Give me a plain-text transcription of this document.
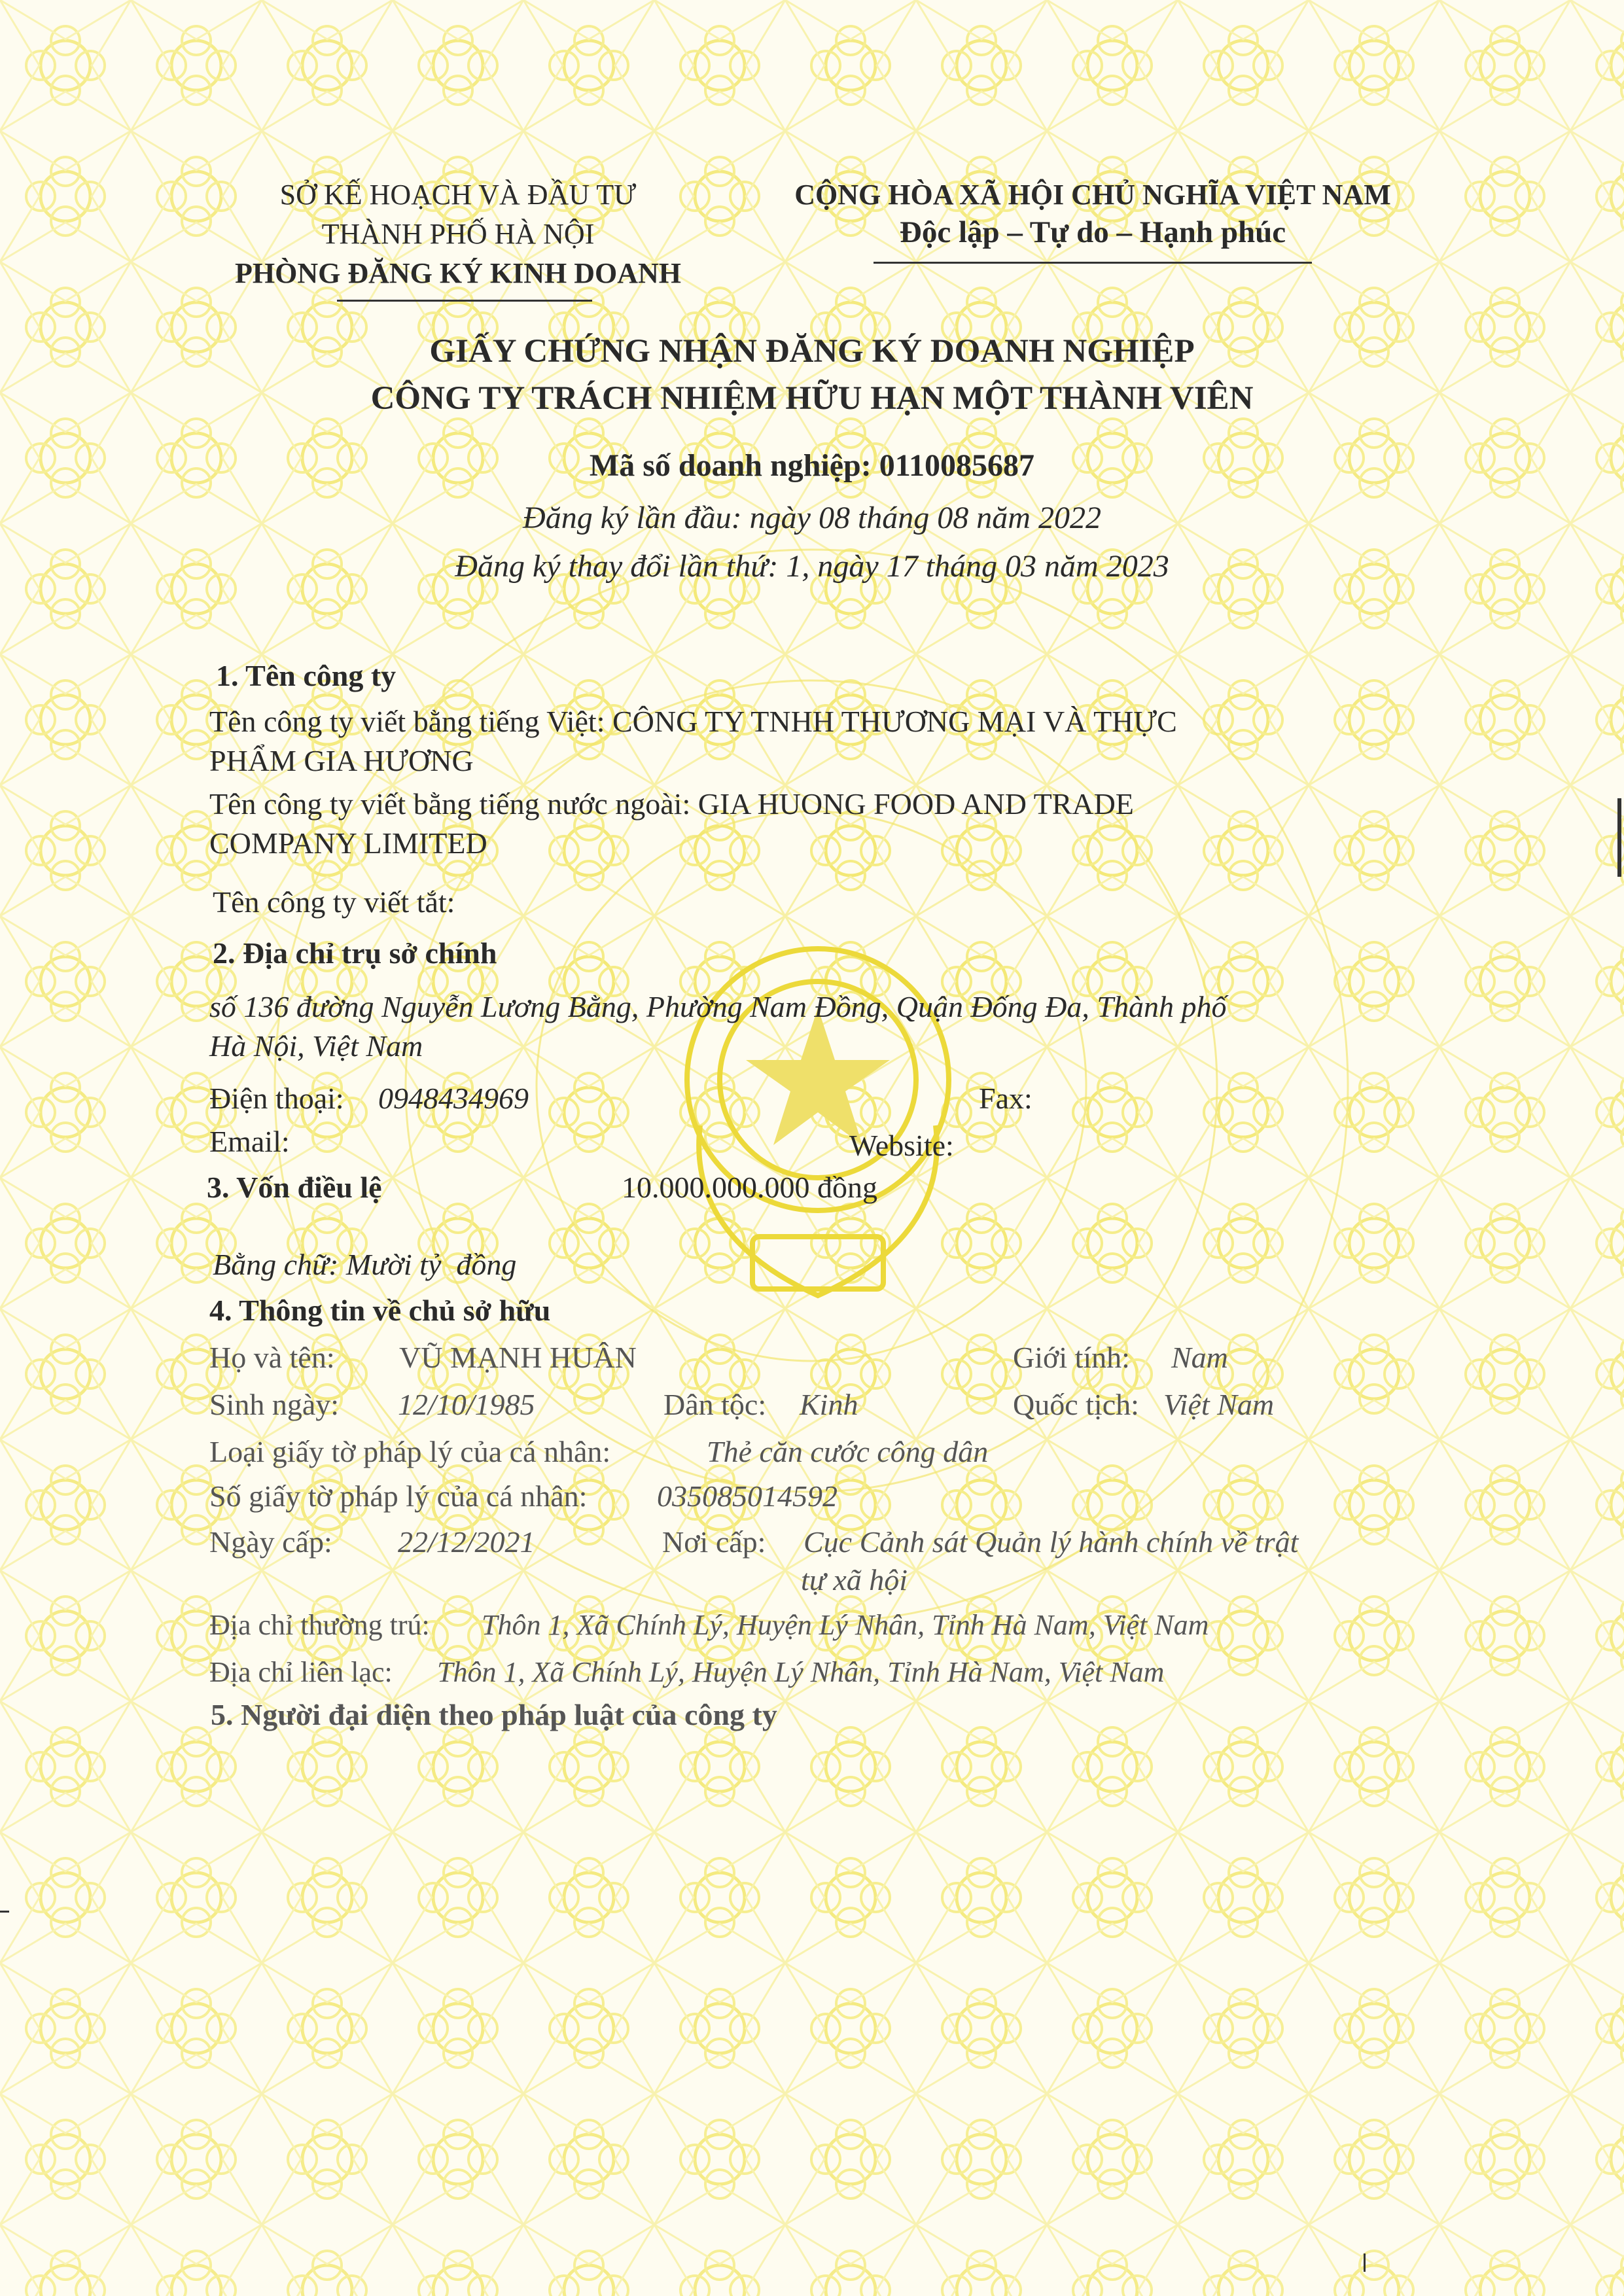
SỞ KẾ HOẠCH VÀ ĐẦU TƯ
THÀNH PHỐ HÀ NỘI
PHÒNG ĐĂNG KÝ KINH DOANH
CỘNG HÒA XÃ HỘI CHỦ NGHĨA VIỆT NAM
Độc lập – Tự do – Hạnh phúc
GIẤY CHỨNG NHẬN ĐĂNG KÝ DOANH NGHIỆP
CÔNG TY TRÁCH NHIỆM HỮU HẠN MỘT THÀNH VIÊN
Mã số doanh nghiệp: 0110085687
Đăng ký lần đầu: ngày 08 tháng 08 năm 2022
Đăng ký thay đổi lần thứ: 1, ngày 17 tháng 03 năm 2023
1. Tên công ty
Tên công ty viết bằng tiếng Việt: CÔNG TY TNHH THƯƠNG MẠI VÀ THỰC
PHẨM GIA HƯƠNG
Tên công ty viết bằng tiếng nước ngoài: GIA HUONG FOOD AND TRADE
COMPANY LIMITED
Tên công ty viết tắt:
2. Địa chỉ trụ sở chính
số 136 đường Nguyễn Lương Bằng, Phường Nam Đồng, Quận Đống Đa, Thành phố
Hà Nội, Việt Nam
Điện thoại: 0948434969	Fax:
Email:	Website:
3. Vốn điều lệ	10.000.000.000 đồng
Bằng chữ: Mười tỷ  đồng
4. Thông tin về chủ sở hữu
Họ và tên: VŨ MẠNH HUÂN	Giới tính: Nam
Sinh ngày: 12/10/1985	Dân tộc: Kinh	Quốc tịch: Việt Nam
Loại giấy tờ pháp lý của cá nhân:	Thẻ căn cước công dân
Số giấy tờ pháp lý của cá nhân: 035085014592
Ngày cấp: 22/12/2021	Nơi cấp: Cục Cảnh sát Quản lý hành chính về trật
tự xã hội
Địa chỉ thường trú: Thôn 1, Xã Chính Lý, Huyện Lý Nhân, Tỉnh Hà Nam, Việt Nam
Địa chỉ liên lạc: Thôn 1, Xã Chính Lý, Huyện Lý Nhân, Tỉnh Hà Nam, Việt Nam
5. Người đại diện theo pháp luật của công ty
